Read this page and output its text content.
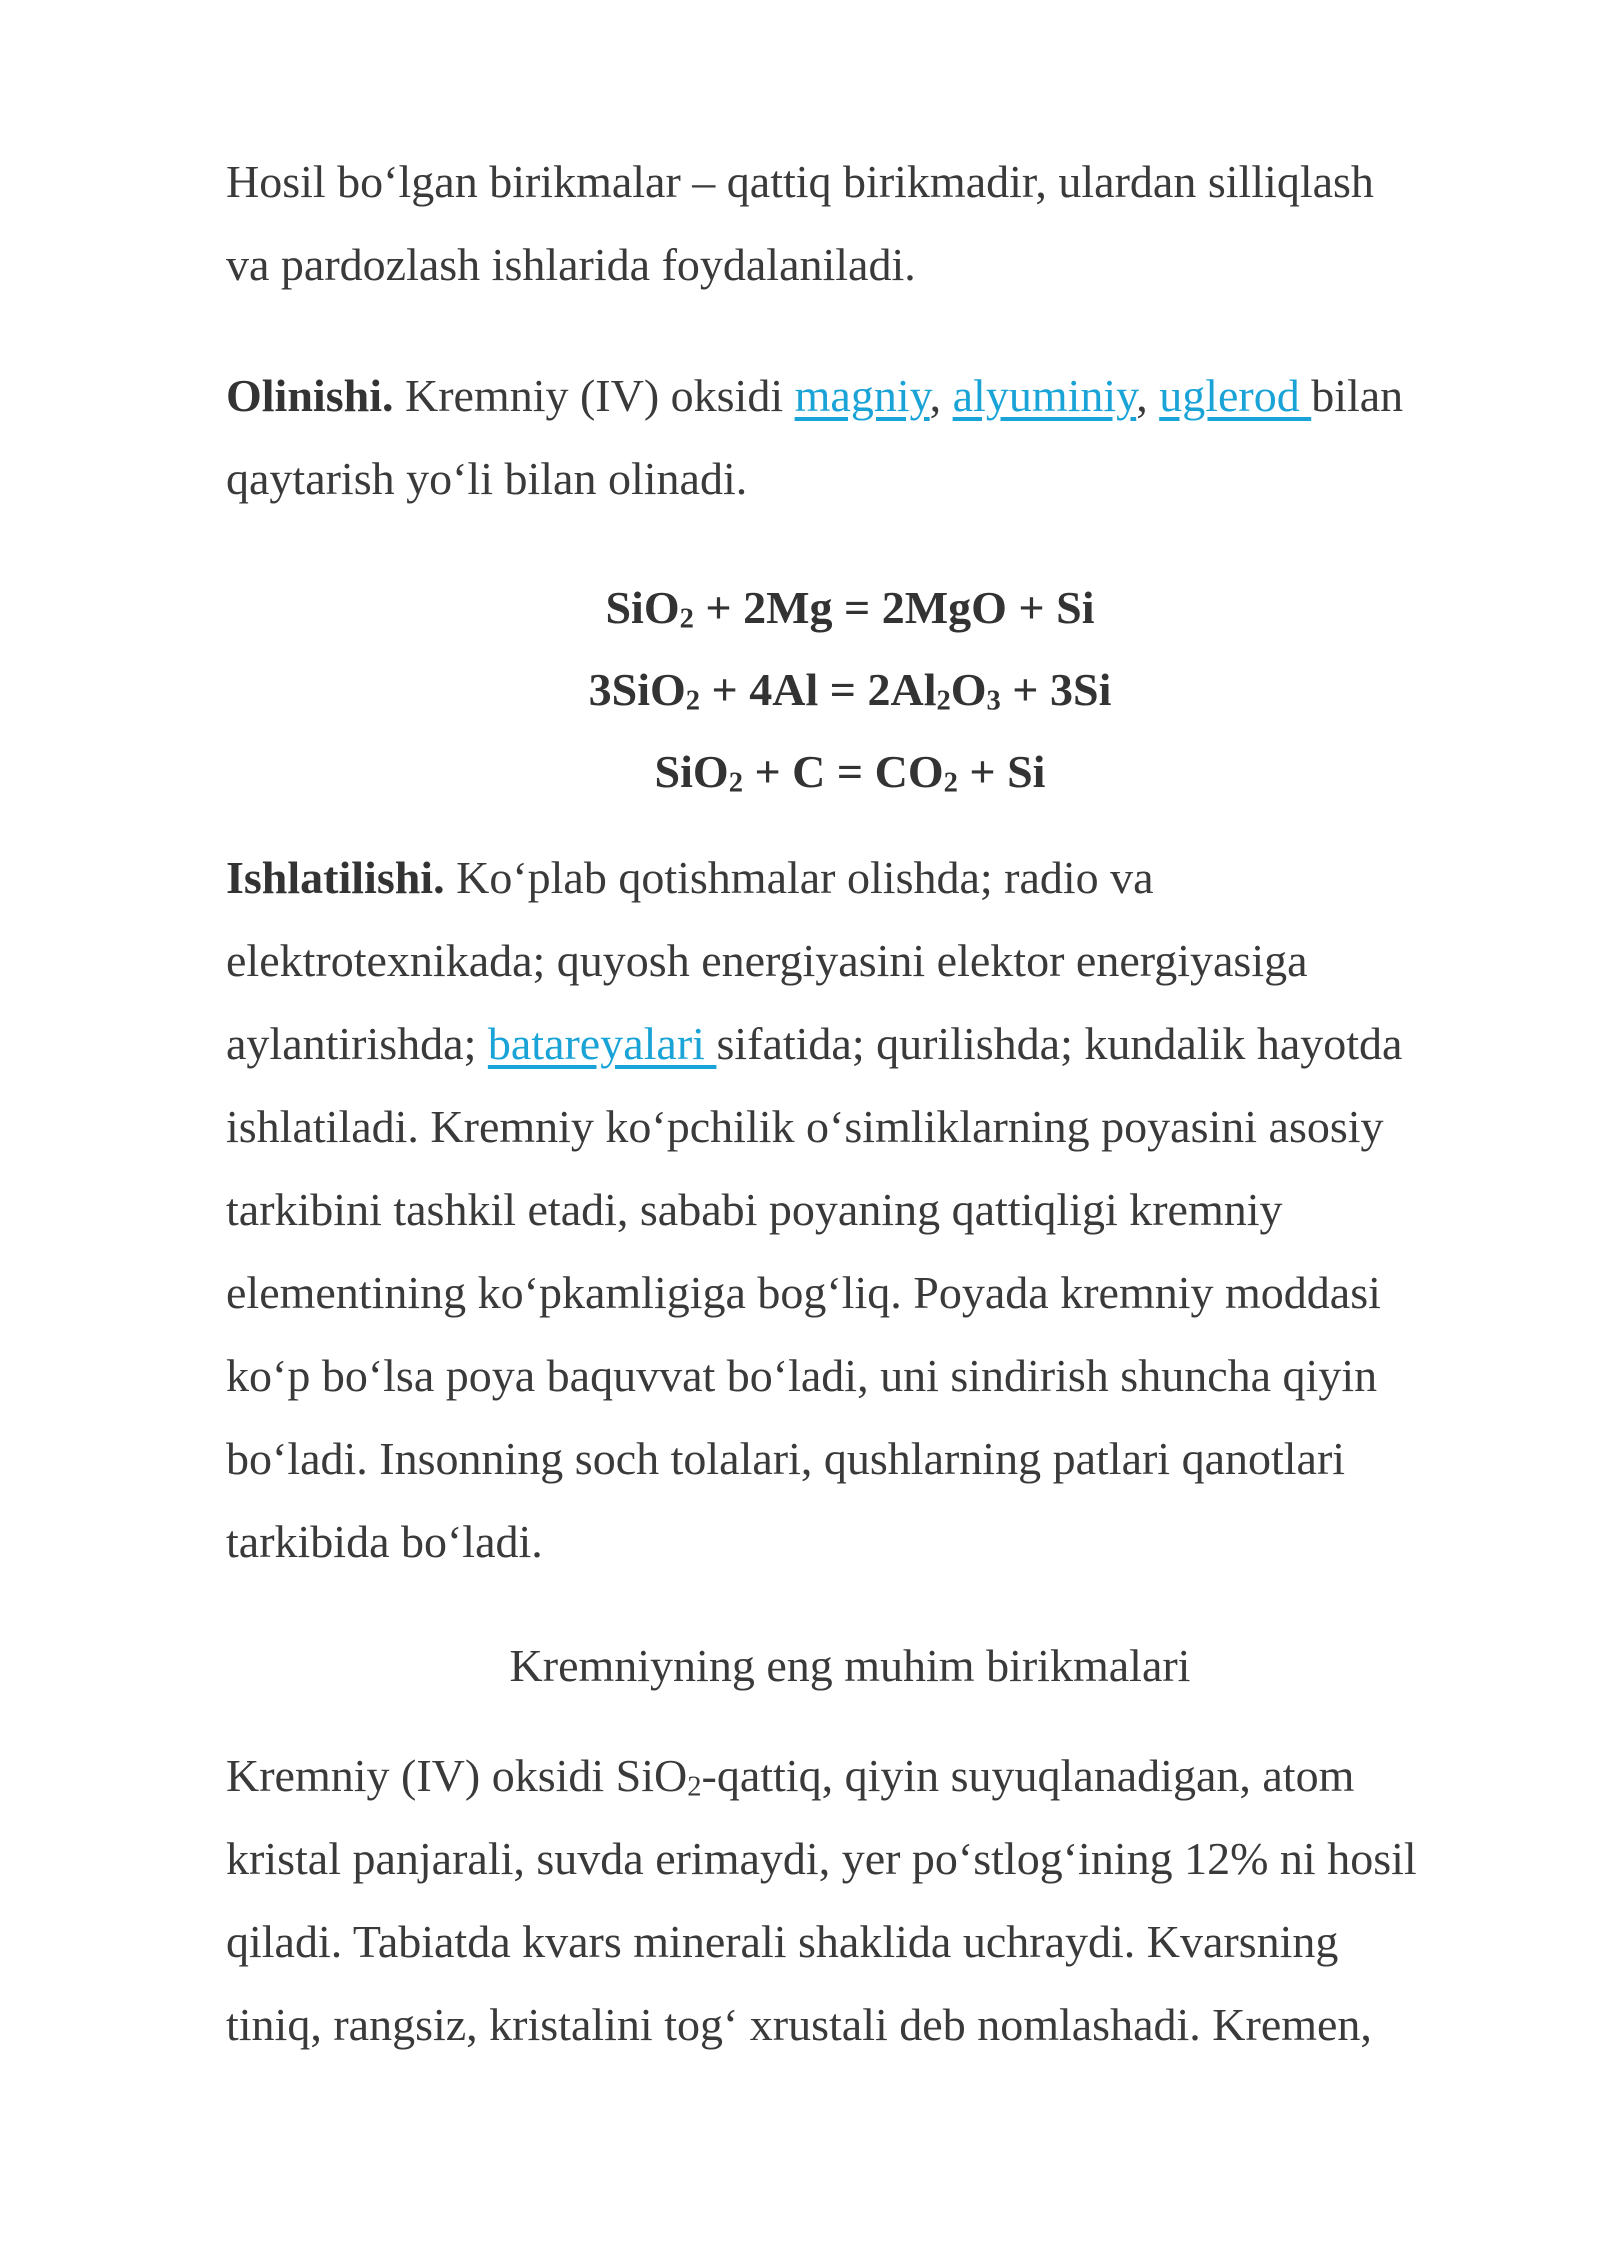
Hosil bo‘lgan birikmalar – qattiq birikmadir, ulardan silliqlash
va pardozlash ishlarida foydalaniladi.

Olinishi. Kremniy (IV) oksidi magniy, alyuminiy, uglerod bilan
qaytarish yo‘li bilan olinadi.

SiO$_2$ + 2Mg = 2MgO + Si
$3SiO_2 + 4Al = 2Al_2O_3 + 3Si$
$SiO_2 + C = CO_2 + Si$

Ishlatilishi. Ko‘plab qotishmalar olishda; radio va
elektrotexnikada; quyosh energiyasini elektor energiyasiga
aylantirishda; batareyalari sifatida; qurilishda; kundalik hayotda
ishlatiladi. Kremniy ko‘pchilik o‘simliklarning poyasini asosiy
tarkibini tashkil etadi, sababi poyaning qattiqligi kremniy
elementining ko‘pkamligiga bog‘liq. Poyada kremniy moddasi
ko‘p bo‘lsa poya baquvvat bo‘ladi, uni sindirish shuncha qiyin
bo‘ladi. Insonning soch tolalari, qushlarning patlari qanotlari
tarkibida bo‘ladi.

Kremniyning eng muhim birikmalari

Kremniy (IV) oksidi SiO$_2$-qattiq, qiyin suyuqlanadigan, atom
kristal panjarali, suvda erimaydi, yer po‘stlog‘ining 12% ni hosil
qiladi. Tabiatda kvars minerali shaklida uchraydi. Kvarsning
tiniq, rangsiz, kristalini tog‘ xrustali deb nomlashadi. Kremen,
